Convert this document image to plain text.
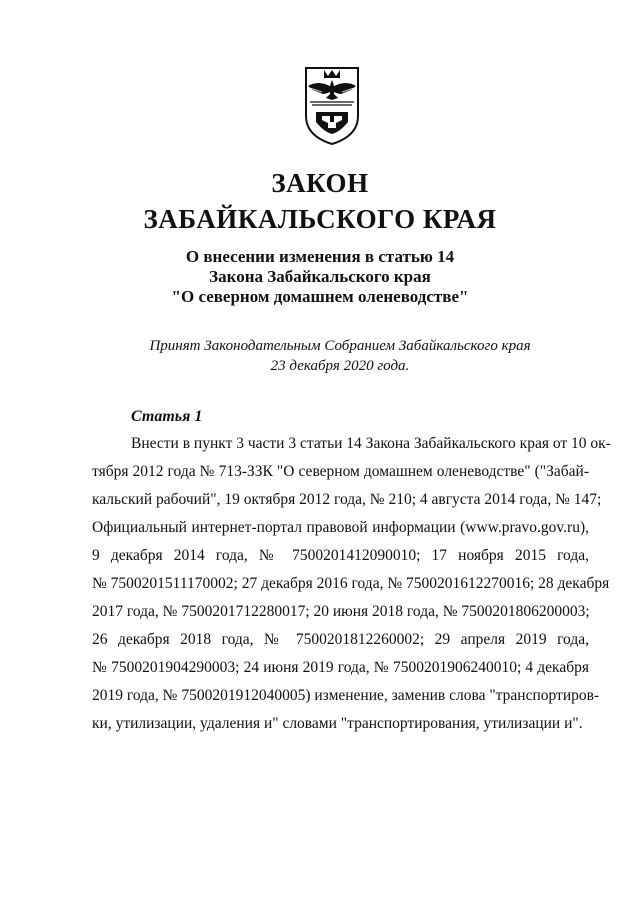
ЗАКОН
ЗАБАЙКАЛЬСКОГО КРАЯ
О внесении изменения в статью 14
Закона Забайкальского края
"О северном домашнем оленеводстве"
Принят Законодательным Собранием Забайкальского края
23 декабря 2020 года.
Статья 1
Внести в пункт 3 части 3 статьи 14 Закона Забайкальского края от 10 ок-
тября 2012 года № 713-ЗЗК "О северном домашнем оленеводстве" ("Забай-
кальский рабочий", 19 октября 2012 года, № 210; 4 августа 2014 года, № 147;
Официальный интернет-портал правовой информации (www.pravo.gov.ru),
9 декабря 2014 года, № 7500201412090010; 17 ноября 2015 года,
№ 7500201511170002; 27 декабря 2016 года, № 7500201612270016; 28 декабря
2017 года, № 7500201712280017; 20 июня 2018 года, № 7500201806200003;
26 декабря 2018 года, № 7500201812260002; 29 апреля 2019 года,
№ 7500201904290003; 24 июня 2019 года, № 7500201906240010; 4 декабря
2019 года, № 7500201912040005) изменение, заменив слова "транспортиров-
ки, утилизации, удаления и" словами "транспортирования, утилизации и".
